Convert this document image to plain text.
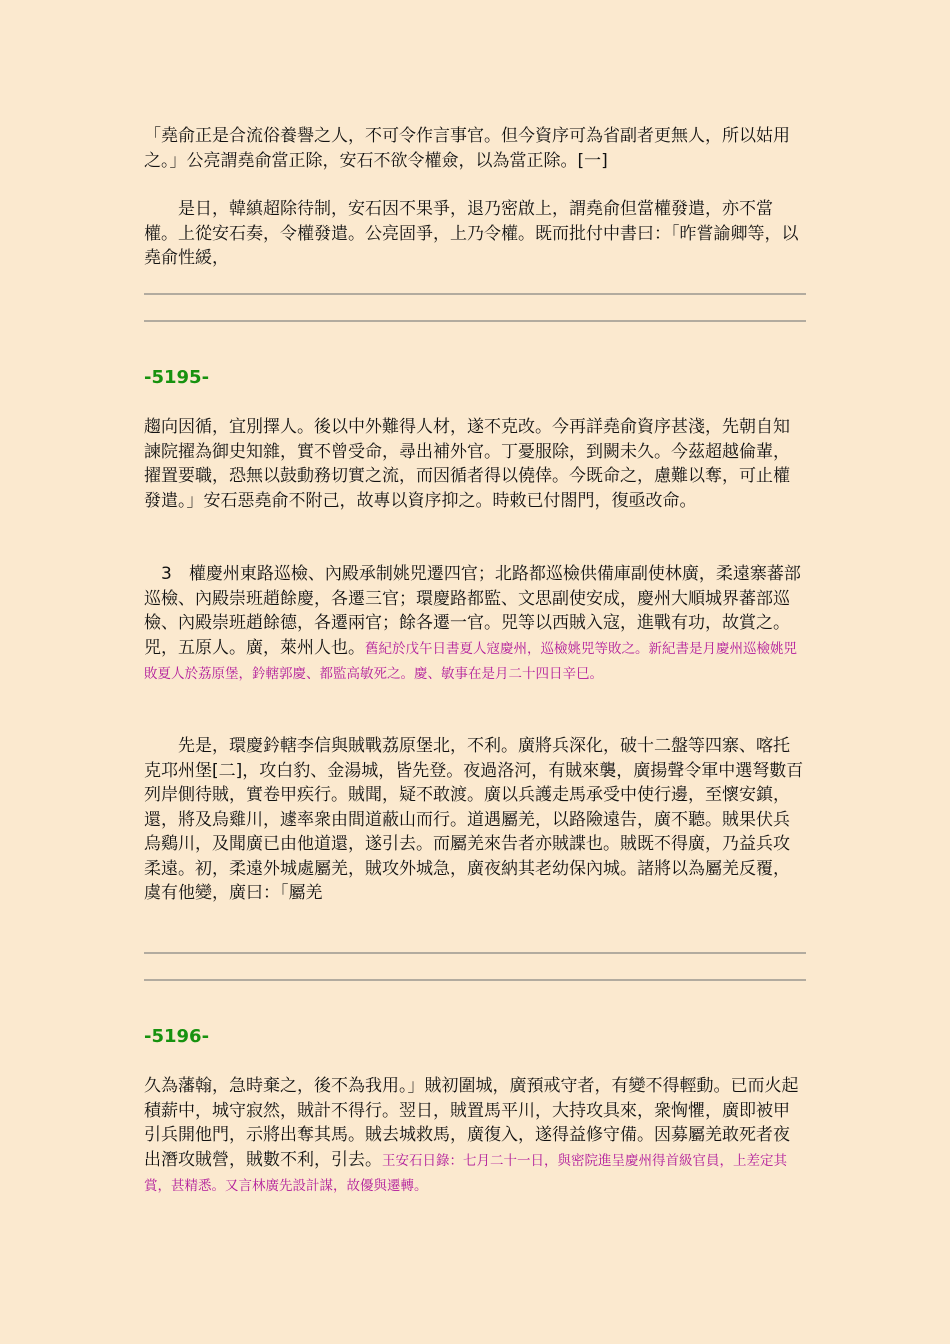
「堯俞正是合流俗養譽之人，不可令作言事官。但今資序可為省副者更無人，所以姑用之。」公亮謂堯俞當正除，安石不欲令權僉，以為當正除。[一]

　　是日，韓縝超除待制，安石因不果爭，退乃密啟上，謂堯俞但當權發遣，亦不當權。上從安石奏，令權發遣。公亮固爭，上乃令權。既而批付中書曰：「昨嘗諭卿等，以堯俞性緩，

-5195-

趨向因循，宜別擇人。後以中外難得人材，遂不克改。今再詳堯俞資序甚淺，先朝自知諫院擢為御史知雜，實不曾受命，尋出補外官。丁憂服除，到闕未久。今茲超越倫輩，擢置要職，恐無以鼓動務切實之流，而因循者得以僥倖。今既命之，慮難以奪，可止權發遣。」安石惡堯俞不附己，故專以資序抑之。時敕已付閤門，復亟改命。

　3　權慶州東路巡檢、內殿承制姚兕遷四官；北路都巡檢供備庫副使林廣，柔遠寨蕃部巡檢、內殿崇班趙餘慶，各遷三官；環慶路都監、文思副使安成，慶州大順城界蕃部巡檢、內殿崇班趙餘德，各遷兩官；餘各遷一官。兕等以西賊入寇，進戰有功，故賞之。兕，五原人。廣，萊州人也。舊紀於戊午日書夏人寇慶州，巡檢姚兕等敗之。新紀書是月慶州巡檢姚兕敗夏人於荔原堡，鈐轄郭慶、都監高敏死之。慶、敏事在是月二十四日辛巳。

　　先是，環慶鈐轄李信與賊戰荔原堡北，不利。廣將兵深化，破十二盤等四寨、喀托克邛州堡[二]，攻白豹、金湯城，皆先登。夜過洛河，有賊來襲，廣揚聲令軍中選弩數百列岸側待賊，實卷甲疾行。賊聞，疑不敢渡。廣以兵護走馬承受中使行邊，至懷安鎮，還，將及烏雞川，遽率衆由間道蔽山而行。道遇屬羌，以路險遠告，廣不聽。賊果伏兵烏鷄川，及聞廣已由他道還，遂引去。而屬羌來告者亦賊諜也。賊既不得廣，乃益兵攻柔遠。初，柔遠外城處屬羌，賊攻外城急，廣夜納其老幼保內城。諸將以為屬羌反覆，虞有他變，廣曰：「屬羌

-5196-

久為藩翰，急時棄之，後不為我用。」賊初圍城，廣預戒守者，有變不得輕動。已而火起積薪中，城守寂然，賊計不得行。翌日，賊置馬平川，大持攻具來，衆恟懼，廣即被甲引兵開他門，示將出奪其馬。賊去城救馬，廣復入，遂得益修守備。因募屬羌敢死者夜出潛攻賊營，賊數不利，引去。王安石日錄：七月二十一日，與密院進呈慶州得首級官員，上差定其賞，甚精悉。又言林廣先設計謀，故優與遷轉。
